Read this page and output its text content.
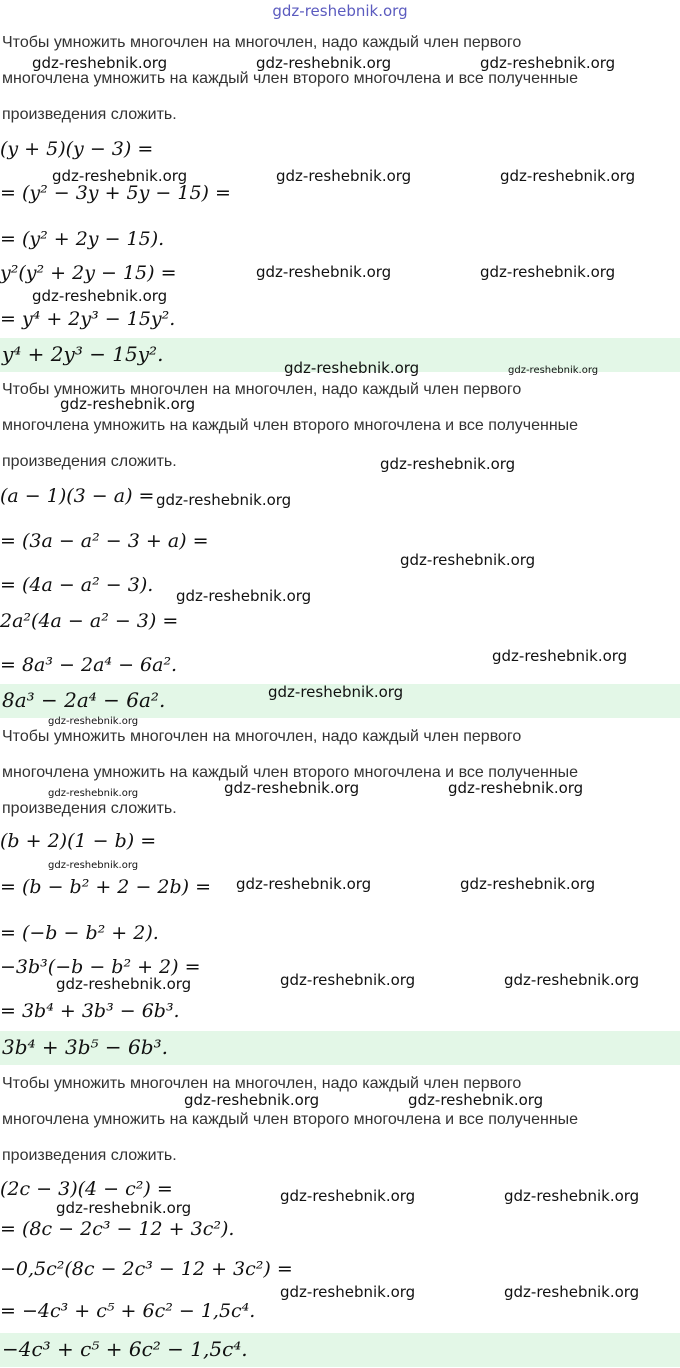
gdz-reshebnik.org
Чтобы умножить многочлен на многочлен, надо каждый член первого
многочлена умножить на каждый член второго многочлена и все полученные
произведения сложить.
(y + 5)(y − 3) =
= (y² − 3y + 5y − 15) =
= (y² + 2y − 15).
y²(y² + 2y − 15) =
= y⁴ + 2y³ − 15y².
y⁴ + 2y³ − 15y².
Чтобы умножить многочлен на многочлен, надо каждый член первого
многочлена умножить на каждый член второго многочлена и все полученные
произведения сложить.
(a − 1)(3 − a) =
= (3a − a² − 3 + a) =
= (4a − a² − 3).
2a²(4a − a² − 3) =
= 8a³ − 2a⁴ − 6a².
8a³ − 2a⁴ − 6a².
Чтобы умножить многочлен на многочлен, надо каждый член первого
многочлена умножить на каждый член второго многочлена и все полученные
произведения сложить.
(b + 2)(1 − b) =
= (b − b² + 2 − 2b) =
= (−b − b² + 2).
−3b³(−b − b² + 2) =
= 3b⁴ + 3b³ − 6b³.
3b⁴ + 3b⁵ − 6b³.
Чтобы умножить многочлен на многочлен, надо каждый член первого
многочлена умножить на каждый член второго многочлена и все полученные
произведения сложить.
(2c − 3)(4 − c²) =
= (8c − 2c³ − 12 + 3c²).
−0,5c²(8c − 2c³ − 12 + 3c²) =
= −4c³ + c⁵ + 6c² − 1,5c⁴.
−4c³ + c⁵ + 6c² − 1,5c⁴.
gdz-reshebnik.org	gdz-reshebnik.org	gdz-reshebnik.org
gdz-reshebnik.org	gdz-reshebnik.org	gdz-reshebnik.org
gdz-reshebnik.org	gdz-reshebnik.org
gdz-reshebnik.org
gdz-reshebnik.org	gdz-reshebnik.org
gdz-reshebnik.org
gdz-reshebnik.org
gdz-reshebnik.org
gdz-reshebnik.org
gdz-reshebnik.org
gdz-reshebnik.org
gdz-reshebnik.org
gdz-reshebnik.org
gdz-reshebnik.org	gdz-reshebnik.org	gdz-reshebnik.org
gdz-reshebnik.org
gdz-reshebnik.org	gdz-reshebnik.org
gdz-reshebnik.org	gdz-reshebnik.org	gdz-reshebnik.org
gdz-reshebnik.org	gdz-reshebnik.org
gdz-reshebnik.org	gdz-reshebnik.org
gdz-reshebnik.org
gdz-reshebnik.org	gdz-reshebnik.org
